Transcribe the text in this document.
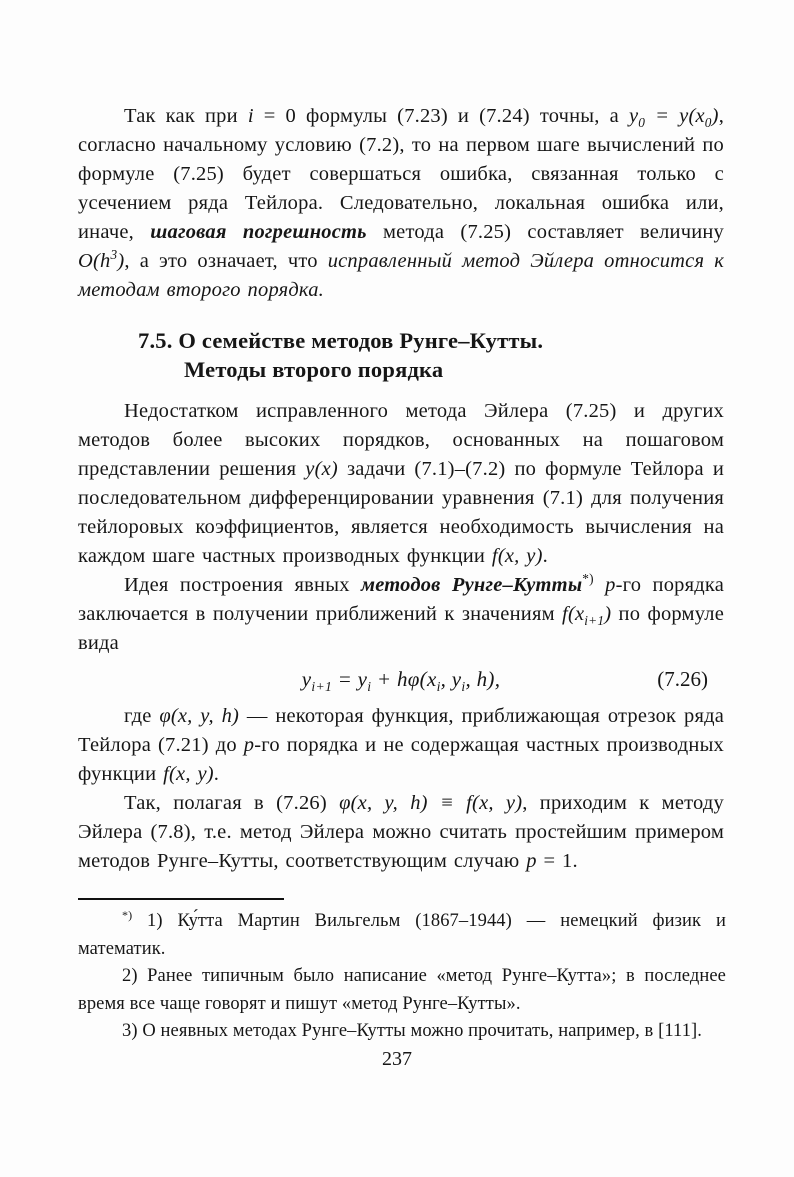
Так как при i = 0 формулы (7.23) и (7.24) точны, а $y_0 = y(x_0)$, согласно начальному условию (7.2), то на первом шаге вычислений по формуле (7.25) будет совершаться ошибка, связанная только с усечением ряда Тейлора. Следовательно, локальная ошибка или, иначе, шаговая погрешность метода (7.25) составляет величину $O(h^3)$, а это означает, что исправленный метод Эйлера относится к методам второго порядка.

7.5. О семействе методов Рунге–Кутты.
Методы второго порядка

Недостатком исправленного метода Эйлера (7.25) и других методов более высоких порядков, основанных на пошаговом представлении решения y(x) задачи (7.1)–(7.2) по формуле Тейлора и последовательном дифференцировании уравнения (7.1) для получения тейлоровых коэффициентов, является необходимость вычисления на каждом шаге частных производных функции f(x, y).

Идея построения явных методов Рунге–Кутты*) p-го порядка заключается в получении приближений к значениям $f(x_{i+1})$ по формуле вида

$y_{i+1} = y_i + h\varphi(x_i$, $y_i$, h),	(7.26)

где φ(x, y, h) — некоторая функция, приближающая отрезок ряда Тейлора (7.21) до p-го порядка и не содержащая частных производных функции f(x, y).

Так, полагая в (7.26) φ(x, y, h) ≡ f(x, y), приходим к методу Эйлера (7.8), т.е. метод Эйлера можно считать простейшим примером методов Рунге–Кутты, соответствующим случаю p = 1.

*) 1) Ку́тта Мартин Вильгельм (1867–1944) — немецкий физик и математик.

2) Ранее типичным было написание «метод Рунге–Кутта»; в последнее время все чаще говорят и пишут «метод Рунге–Кутты».

3) О неявных методах Рунге–Кутты можно прочитать, например, в [111].

237
